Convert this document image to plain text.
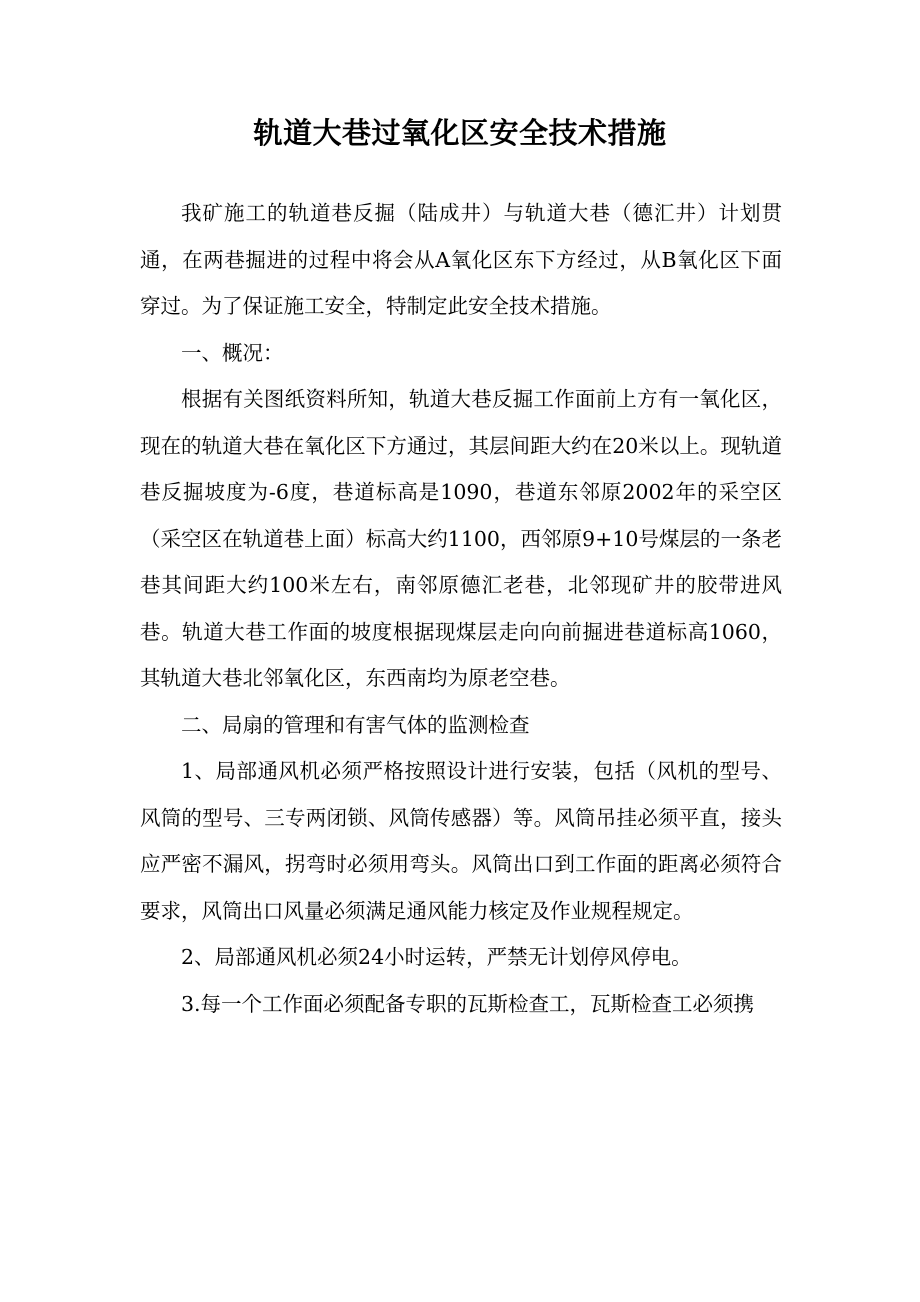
轨道大巷过氧化区安全技术措施

我矿施工的轨道巷反掘（陆成井）与轨道大巷（德汇井）计划贯通，在两巷掘进的过程中将会从A氧化区东下方经过，从B氧化区下面穿过。为了保证施工安全，特制定此安全技术措施。

一、概况：

根据有关图纸资料所知，轨道大巷反掘工作面前上方有一氧化区，现在的轨道大巷在氧化区下方通过，其层间距大约在20米以上。现轨道巷反掘坡度为-6度，巷道标高是1090，巷道东邻原2002年的采空区（采空区在轨道巷上面）标高大约1100，西邻原9+10号煤层的一条老巷其间距大约100米左右，南邻原德汇老巷，北邻现矿井的胶带进风巷。轨道大巷工作面的坡度根据现煤层走向向前掘进巷道标高1060，其轨道大巷北邻氧化区，东西南均为原老空巷。

二、局扇的管理和有害气体的监测检查

1、局部通风机必须严格按照设计进行安装，包括（风机的型号、风筒的型号、三专两闭锁、风筒传感器）等。风筒吊挂必须平直，接头应严密不漏风，拐弯时必须用弯头。风筒出口到工作面的距离必须符合要求，风筒出口风量必须满足通风能力核定及作业规程规定。

2、局部通风机必须24小时运转，严禁无计划停风停电。

3.每一个工作面必须配备专职的瓦斯检查工，瓦斯检查工必须携
